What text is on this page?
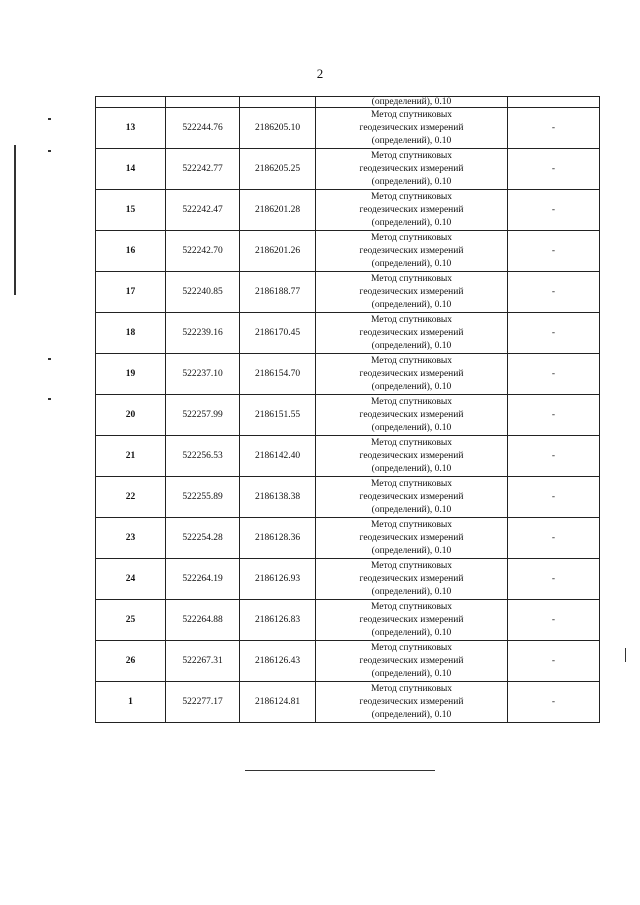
2
			(определений), 0.10	
13	522244.76	2186205.10	Метод спутниковых
геодезических измерений
(определений), 0.10	-
14	522242.77	2186205.25	Метод спутниковых
геодезических измерений
(определений), 0.10	-
15	522242.47	2186201.28	Метод спутниковых
геодезических измерений
(определений), 0.10	-
16	522242.70	2186201.26	Метод спутниковых
геодезических измерений
(определений), 0.10	-
17	522240.85	2186188.77	Метод спутниковых
геодезических измерений
(определений), 0.10	-
18	522239.16	2186170.45	Метод спутниковых
геодезических измерений
(определений), 0.10	-
19	522237.10	2186154.70	Метод спутниковых
геодезических измерений
(определений), 0.10	-
20	522257.99	2186151.55	Метод спутниковых
геодезических измерений
(определений), 0.10	-
21	522256.53	2186142.40	Метод спутниковых
геодезических измерений
(определений), 0.10	-
22	522255.89	2186138.38	Метод спутниковых
геодезических измерений
(определений), 0.10	-
23	522254.28	2186128.36	Метод спутниковых
геодезических измерений
(определений), 0.10	-
24	522264.19	2186126.93	Метод спутниковых
геодезических измерений
(определений), 0.10	-
25	522264.88	2186126.83	Метод спутниковых
геодезических измерений
(определений), 0.10	-
26	522267.31	2186126.43	Метод спутниковых
геодезических измерений
(определений), 0.10	-
1	522277.17	2186124.81	Метод спутниковых
геодезических измерений
(определений), 0.10	-
